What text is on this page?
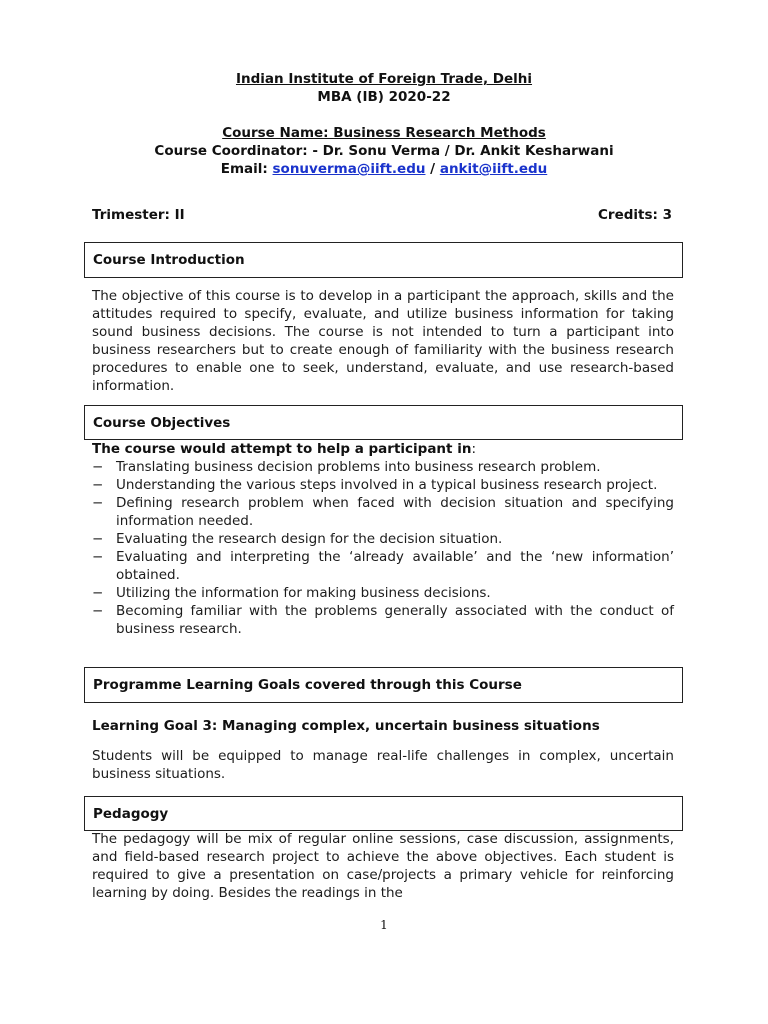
Indian Institute of Foreign Trade, Delhi
MBA (IB) 2020-22
Course Name: Business Research Methods
Course Coordinator: - Dr. Sonu Verma / Dr. Ankit Kesharwani
Email: sonuverma@iift.edu / ankit@iift.edu
Trimester: II	Credits: 3
Course Introduction
The objective of this course is to develop in a participant the approach, skills and the attitudes required to specify, evaluate, and utilize business information for taking sound business decisions. The course is not intended to turn a participant into business researchers but to create enough of familiarity with the business research procedures to enable one to seek, understand, evaluate, and use research-based information.
Course Objectives
The course would attempt to help a participant in:
− Translating business decision problems into business research problem.
− Understanding the various steps involved in a typical business research project.
− Defining research problem when faced with decision situation and specifying information needed.
− Evaluating the research design for the decision situation.
− Evaluating and interpreting the ‘already available’ and the ‘new information’ obtained.
− Utilizing the information for making business decisions.
− Becoming familiar with the problems generally associated with the conduct of business research.
Programme Learning Goals covered through this Course
Learning Goal 3: Managing complex, uncertain business situations
Students will be equipped to manage real-life challenges in complex, uncertain business situations.
Pedagogy
The pedagogy will be mix of regular online sessions, case discussion, assignments, and field-based research project to achieve the above objectives. Each student is required to give a presentation on case/projects a primary vehicle for reinforcing learning by doing. Besides the readings in the
1
